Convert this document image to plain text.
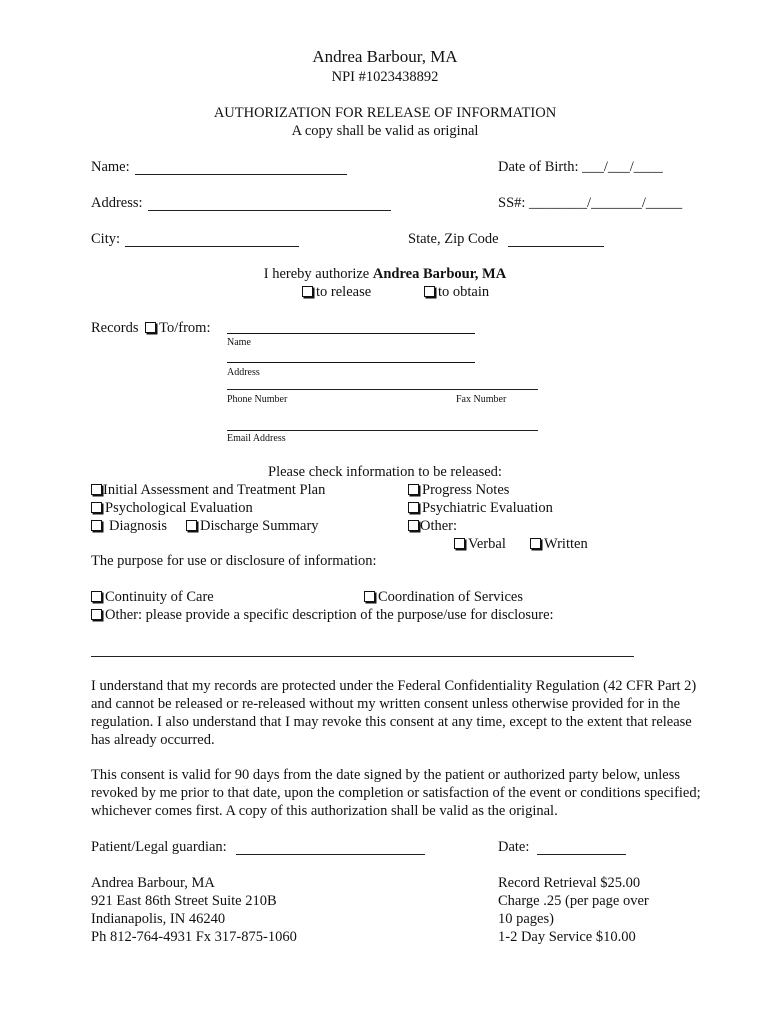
Andrea Barbour, MA
NPI #1023438892
AUTHORIZATION FOR RELEASE OF INFORMATION
A copy shall be valid as original
Name:	Date of Birth: ___/___/____
Address:	SS#: ________/_______/_____
City:	State, Zip Code
I hereby authorize Andrea Barbour, MA
to release	to obtain
Records To/from:
Name
Address
Phone Number	Fax Number
Email Address
Please check information to be released:
Initial Assessment and Treatment Plan	Progress Notes
Psychological Evaluation	Psychiatric Evaluation
Diagnosis	Discharge Summary	Other:
Verbal	Written
The purpose for use or disclosure of information:
Continuity of Care	Coordination of Services
Other: please provide a specific description of the purpose/use for disclosure:
I understand that my records are protected under the Federal Confidentiality Regulation (42 CFR Part 2) and cannot be released or re-released without my written consent unless otherwise provided for in the regulation. I also understand that I may revoke this consent at any time, except to the extent that release has already occurred.
This consent is valid for 90 days from the date signed by the patient or authorized party below, unless revoked by me prior to that date, upon the completion or satisfaction of the event or conditions specified; whichever comes first. A copy of this authorization shall be valid as the original.
Patient/Legal guardian:	Date:
Andrea Barbour, MA
921 East 86th Street Suite 210B
Indianapolis, IN 46240
Ph 812-764-4931 Fx 317-875-1060
Record Retrieval $25.00
Charge .25 (per page over
10 pages)
1-2 Day Service $10.00
